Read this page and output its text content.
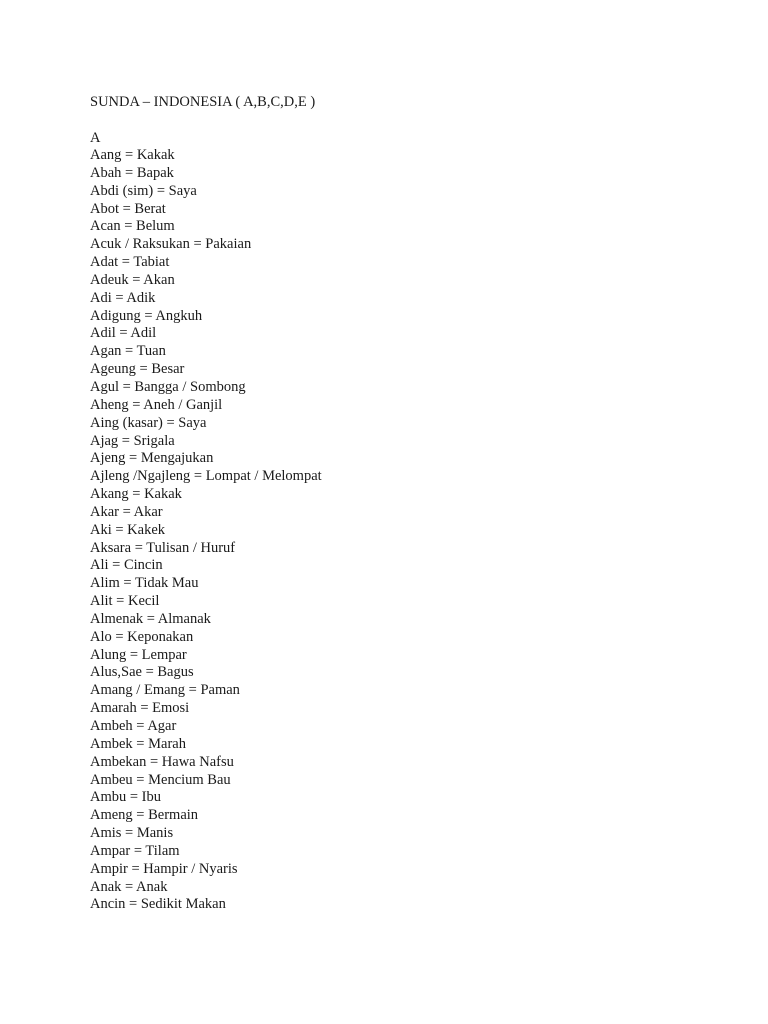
SUNDA – INDONESIA ( A,B,C,D,E )
A
Aang = Kakak
Abah = Bapak
Abdi (sim) = Saya
Abot = Berat
Acan = Belum
Acuk / Raksukan = Pakaian
Adat = Tabiat
Adeuk = Akan
Adi = Adik
Adigung = Angkuh
Adil = Adil
Agan = Tuan
Ageung = Besar
Agul = Bangga / Sombong
Aheng = Aneh / Ganjil
Aing (kasar) = Saya
Ajag = Srigala
Ajeng = Mengajukan
Ajleng /Ngajleng = Lompat / Melompat
Akang = Kakak
Akar = Akar
Aki = Kakek
Aksara = Tulisan / Huruf
Ali = Cincin
Alim = Tidak Mau
Alit = Kecil
Almenak = Almanak
Alo = Keponakan
Alung = Lempar
Alus,Sae = Bagus
Amang / Emang = Paman
Amarah = Emosi
Ambeh = Agar
Ambek = Marah
Ambekan = Hawa Nafsu
Ambeu = Mencium Bau
Ambu = Ibu
Ameng = Bermain
Amis = Manis
Ampar = Tilam
Ampir = Hampir / Nyaris
Anak = Anak
Ancin = Sedikit Makan
